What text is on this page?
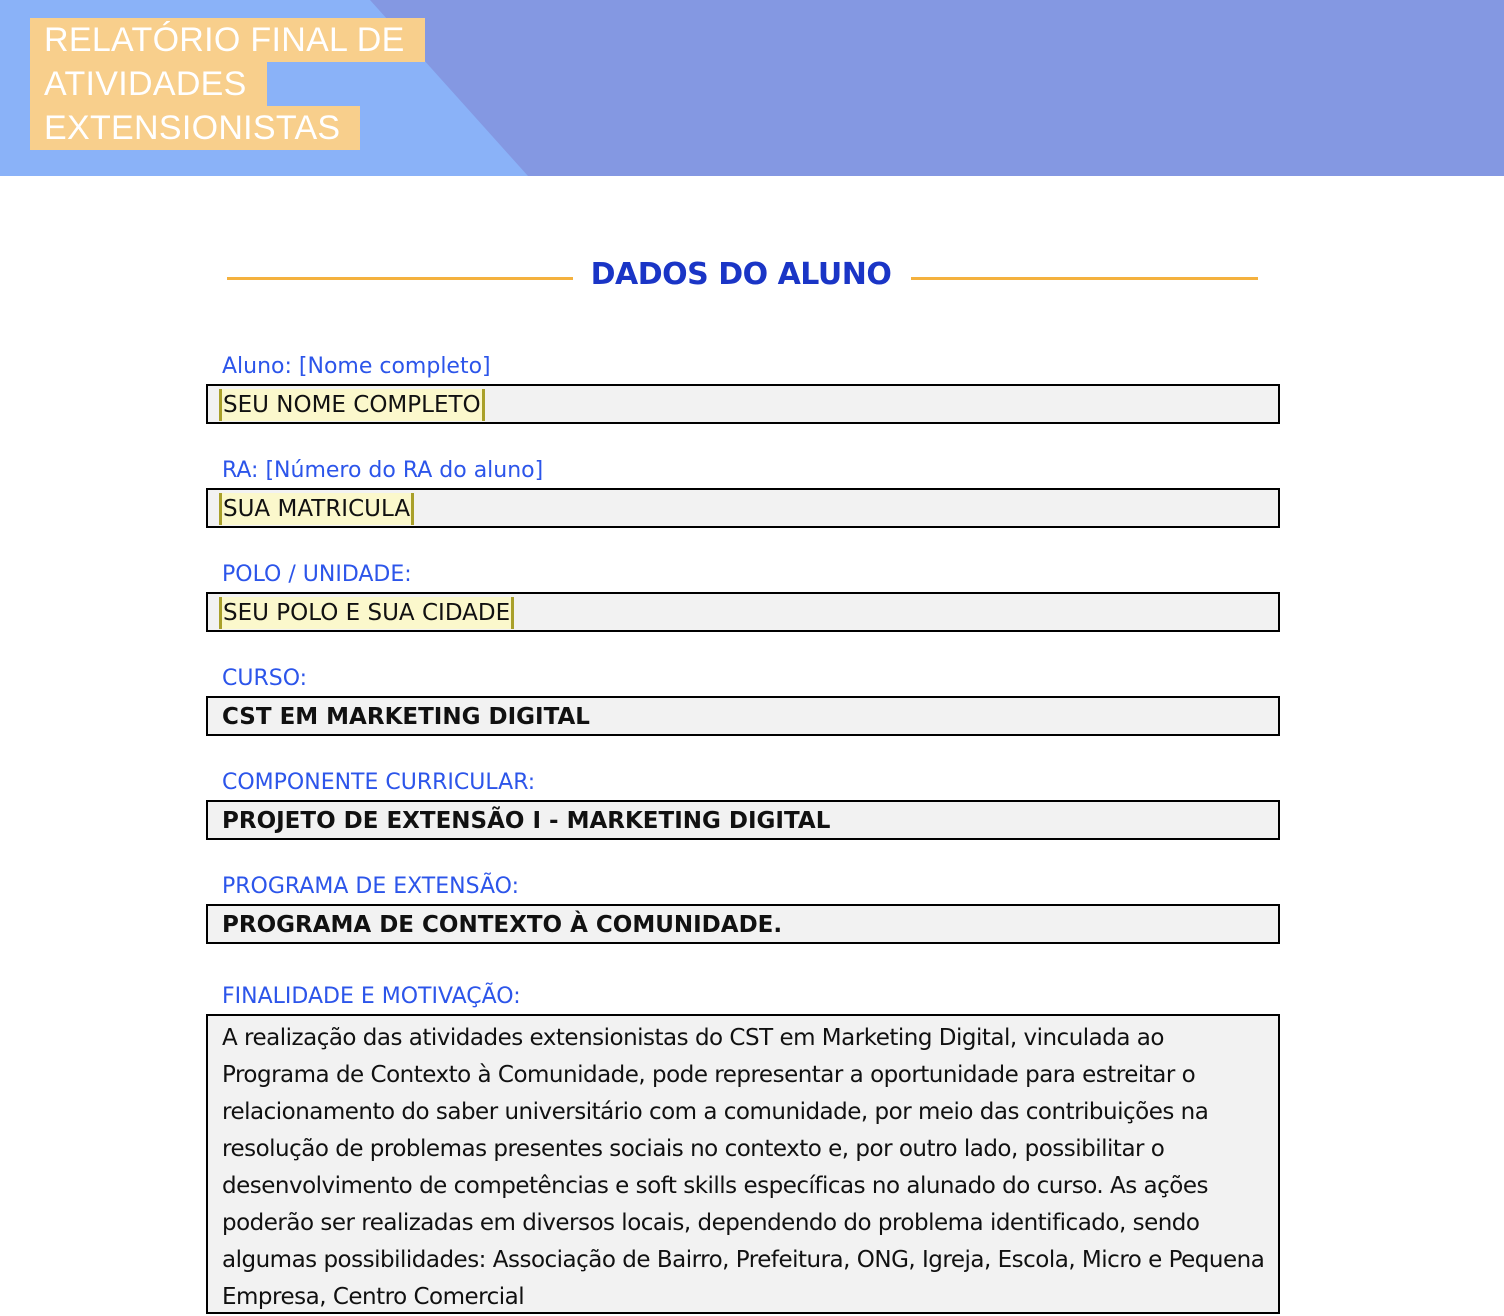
RELATÓRIO FINAL DE
ATIVIDADES
EXTENSIONISTAS
DADOS DO ALUNO
Aluno: [Nome completo]
SEU NOME COMPLETO
RA: [Número do RA do aluno]
SUA MATRICULA
POLO / UNIDADE:
SEU POLO E SUA CIDADE
CURSO:
CST EM MARKETING DIGITAL
COMPONENTE CURRICULAR:
PROJETO DE EXTENSÃO I - MARKETING DIGITAL
PROGRAMA DE EXTENSÃO:
PROGRAMA DE CONTEXTO À COMUNIDADE.
FINALIDADE E MOTIVAÇÃO:

A realização das atividades extensionistas do CST em Marketing Digital, vinculada ao Programa de Contexto à Comunidade, pode representar a oportunidade para estreitar o relacionamento do saber universitário com a comunidade, por meio das contribuições na resolução de problemas presentes sociais no contexto e, por outro lado, possibilitar o desenvolvimento de competências e soft skills específicas no alunado do curso. As ações poderão ser realizadas em diversos locais, dependendo do problema identificado, sendo algumas possibilidades: Associação de Bairro, Prefeitura, ONG, Igreja, Escola, Micro e Pequena Empresa, Centro Comercial
